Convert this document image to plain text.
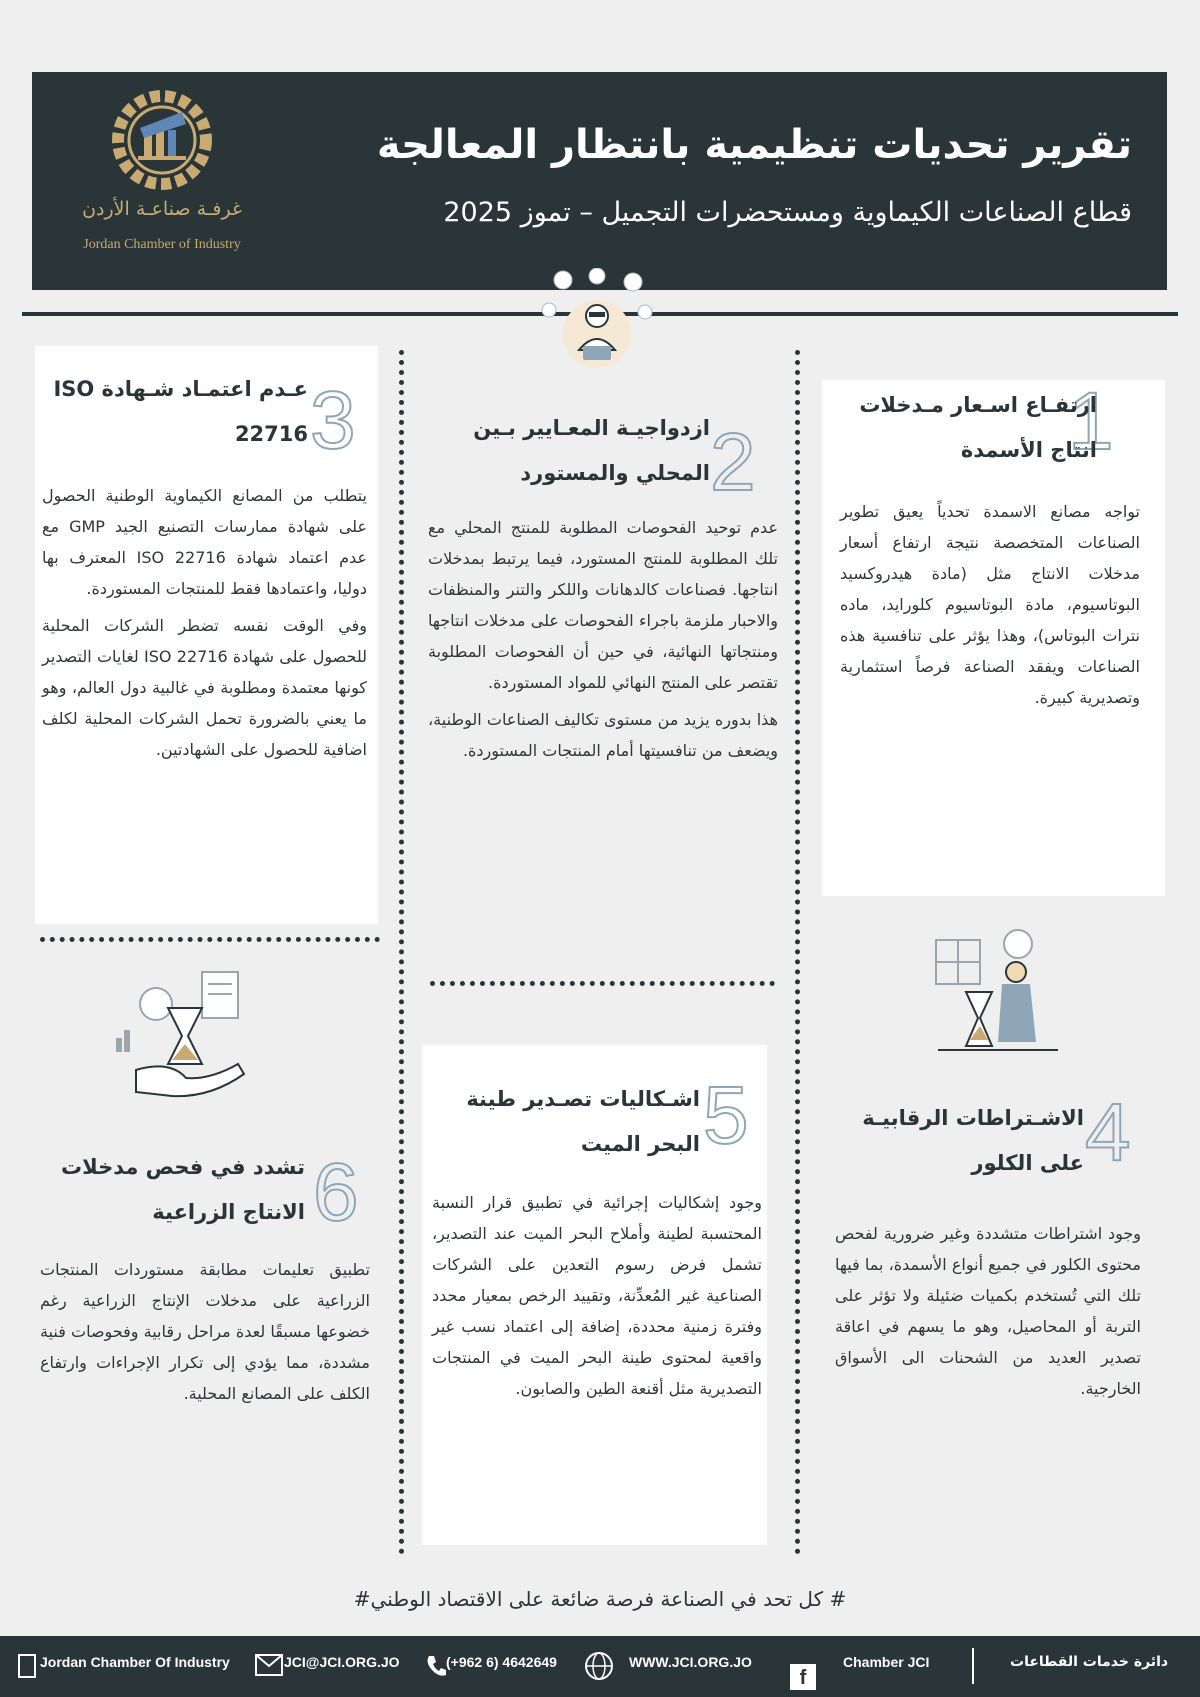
غرفـة صناعـة الأردن
Jordan Chamber of Industry
تقرير تحديات تنظيمية بانتظار المعالجة
قطاع الصناعات الكيماوية ومستحضرات التجميل – تموز 2025
1
ارتفـاع اسـعار مـدخلات انتاج الأسمدة

تواجه مصانع الاسمدة تحدياً يعيق تطوير الصناعات المتخصصة نتيجة ارتفاع أسعار مدخلات الانتاج مثل (مادة هيدروكسيد البوتاسيوم، مادة البوتاسيوم كلورايد، ماده نترات البوتاس)، وهذا يؤثر على تنافسية هذه الصناعات ويفقد الصناعة فرصاً استثمارية وتصديرية كبيرة.

2
ازدواجيـة المعـايير بـين المحلي والمستورد

عدم توحيد الفحوصات المطلوبة للمنتج المحلي مع تلك المطلوبة للمنتج المستورد، فيما يرتبط بمدخلات انتاجها. فصناعات كالدهانات واللكر والتنر والمنظفات والاحبار ملزمة باجراء الفحوصات على مدخلات انتاجها ومنتجاتها النهائية، في حين أن الفحوصات المطلوبة تقتصر على المنتج النهائي للمواد المستوردة.

هذا بدوره يزيد من مستوى تكاليف الصناعات الوطنية، ويضعف من تنافسيتها أمام المنتجات المستوردة.

3
عـدم اعتمـاد شـهادة ISO 22716

يتطلب من المصانع الكيماوية الوطنية الحصول على شهادة ممارسات التصنيع الجيد GMP مع عدم اعتماد شهادة ISO 22716 المعترف بها دوليا، واعتمادها فقط للمنتجات المستوردة.

وفي الوقت نفسه تضطر الشركات المحلية للحصول على شهادة ISO 22716 لغايات التصدير كونها معتمدة ومطلوبة في غالبية دول العالم، وهو ما يعني بالضرورة تحمل الشركات المحلية لكلف اضافية للحصول على الشهادتين.

4
الاشـتراطات الرقابيـة على الكلور

وجود اشتراطات متشددة وغير ضرورية لفحص محتوى الكلور في جميع أنواع الأسمدة، بما فيها تلك التي تُستخدم بكميات ضئيلة ولا تؤثر على التربة أو المحاصيل، وهو ما يسهم في اعاقة تصدير العديد من الشحنات الى الأسواق الخارجية.

5
اشـكاليات تصـدير طينة البحر الميت

وجود إشكاليات إجرائية في تطبيق قرار النسبة المحتسبة لطينة وأملاح البحر الميت عند التصدير، تشمل فرض رسوم التعدين على الشركات الصناعية غير المُعدِّنة، وتقييد الرخص بمعيار محدد وفترة زمنية محددة، إضافة إلى اعتماد نسب غير واقعية لمحتوى طينة البحر الميت في المنتجات التصديرية مثل أقنعة الطين والصابون.

6
تشدد في فحص مدخلات الانتاج الزراعية

تطبيق تعليمات مطابقة مستوردات المنتجات الزراعية على مدخلات الإنتاج الزراعية رغم خضوعها مسبقًا لعدة مراحل رقابية وفحوصات فنية مشددة، مما يؤدي إلى تكرار الإجراءات وارتفاع الكلف على المصانع المحلية.

# كل تحد في الصناعة فرصة ضائعة على الاقتصاد الوطني#
Jordan Chamber Of Industry	JCI@JCI.ORG.JO	(+962 6) 4642649	WWW.JCI.ORG.JO
f
Chamber JCI	دائرة خدمات القطاعات
